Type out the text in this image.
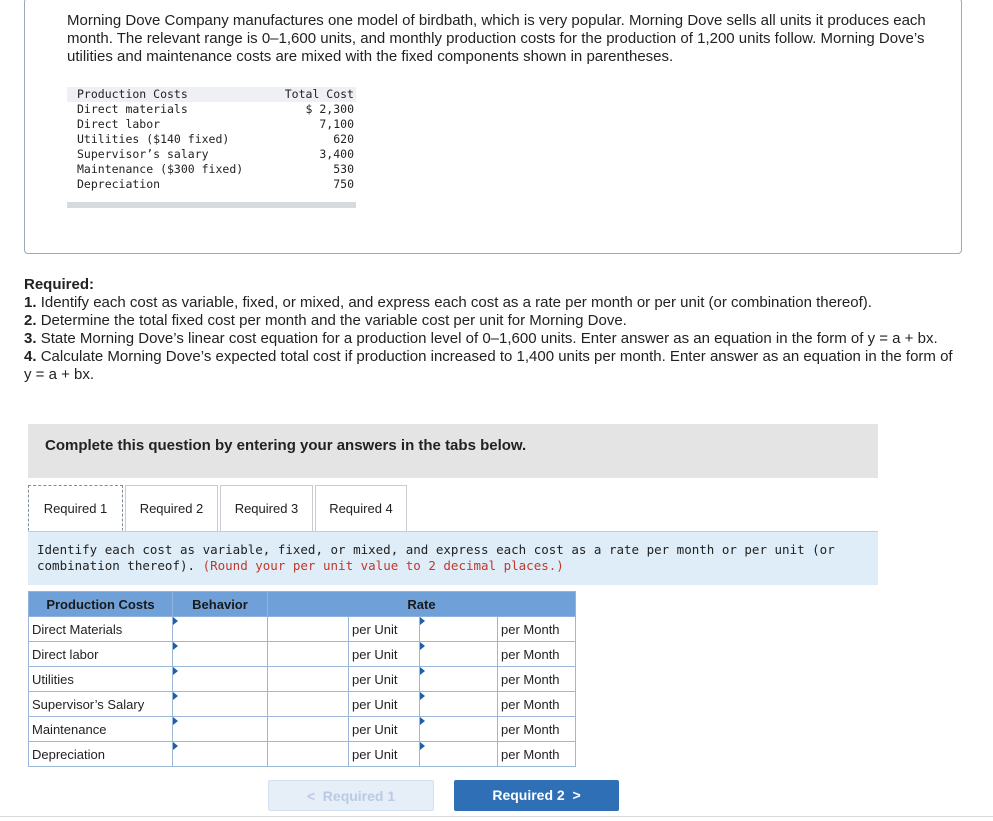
Morning Dove Company manufactures one model of birdbath, which is very popular. Morning Dove sells all units it produces each month. The relevant range is 0–1,600 units, and monthly production costs for the production of 1,200 units follow. Morning Dove’s utilities and maintenance costs are mixed with the fixed components shown in parentheses.
Production Costs	Total Cost
Direct materials	$ 2,300
Direct labor	7,100
Utilities ($140 fixed)	620
Supervisor’s salary	3,400
Maintenance ($300 fixed)	530
Depreciation	750
Required:
1. Identify each cost as variable, fixed, or mixed, and express each cost as a rate per month or per unit (or combination thereof).
2. Determine the total fixed cost per month and the variable cost per unit for Morning Dove.
3. State Morning Dove’s linear cost equation for a production level of 0–1,600 units. Enter answer as an equation in the form of y = a + bx.
4. Calculate Morning Dove’s expected total cost if production increased to 1,400 units per month. Enter answer as an equation in the form of y = a + bx.
Complete this question by entering your answers in the tabs below.
Required 1	Required 2	Required 3	Required 4
Identify each cost as variable, fixed, or mixed, and express each cost as a rate per month or per unit (or combination thereof). (Round your per unit value to 2 decimal places.)
Production Costs	Behavior	Rate			
Direct Materials			per Unit		per Month
Direct labor			per Unit		per Month
Utilities			per Unit		per Month
Supervisor’s Salary			per Unit		per Month
Maintenance			per Unit		per Month
Depreciation			per Unit		per Month
< Required 1	Required 2 >
